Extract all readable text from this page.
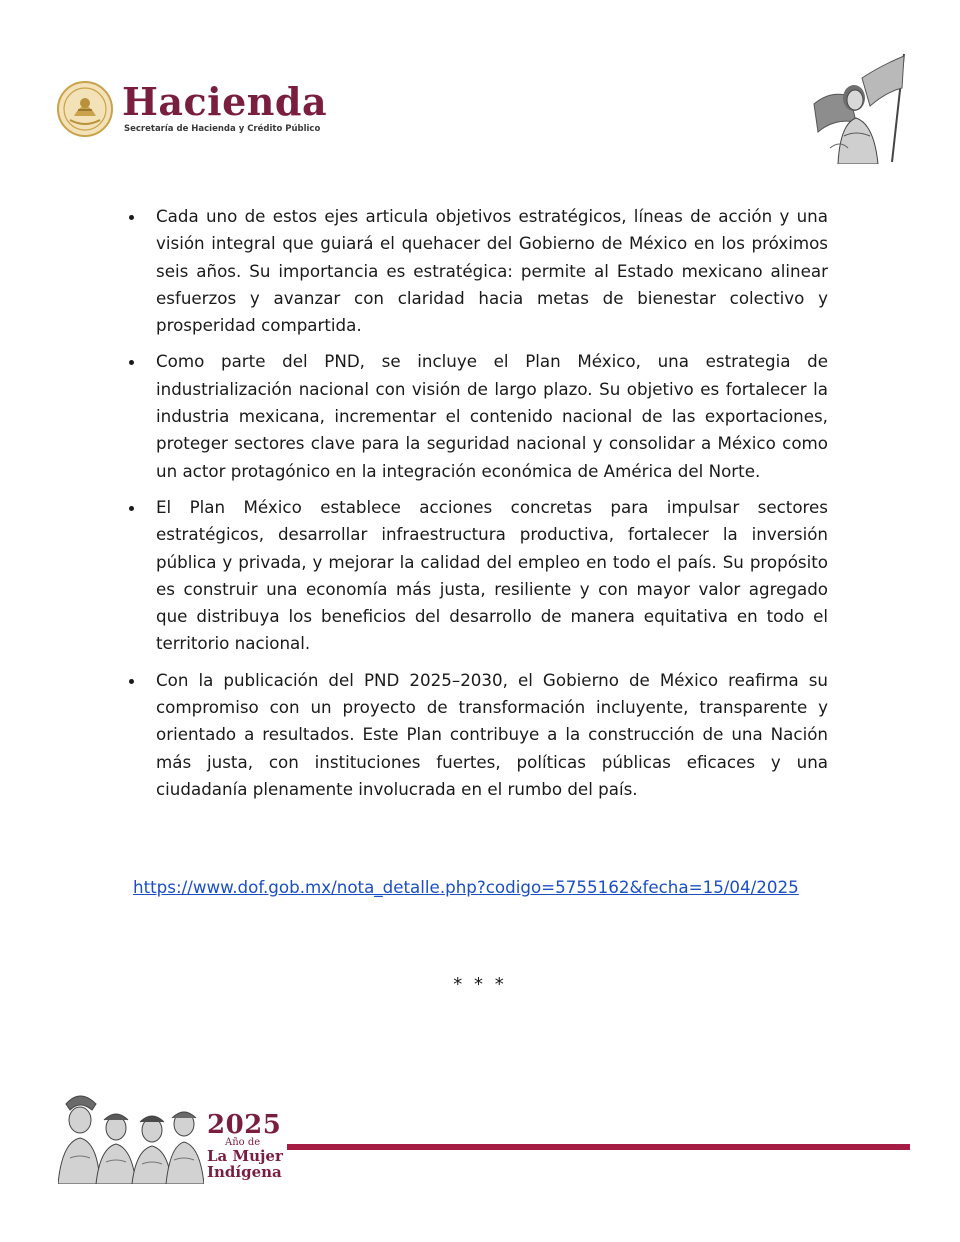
Hacienda
Secretaría de Hacienda y Crédito Público
Cada uno de estos ejes articula objetivos estratégicos, líneas de acción y una visión integral que guiará el quehacer del Gobierno de México en los próximos seis años. Su importancia es estratégica: permite al Estado mexicano alinear esfuerzos y avanzar con claridad hacia metas de bienestar colectivo y prosperidad compartida.
Como parte del PND, se incluye el Plan México, una estrategia de industrialización nacional con visión de largo plazo. Su objetivo es fortalecer la industria mexicana, incrementar el contenido nacional de las exportaciones, proteger sectores clave para la seguridad nacional y consolidar a México como un actor protagónico en la integración económica de América del Norte.
El Plan México establece acciones concretas para impulsar sectores estratégicos, desarrollar infraestructura productiva, fortalecer la inversión pública y privada, y mejorar la calidad del empleo en todo el país. Su propósito es construir una economía más justa, resiliente y con mayor valor agregado que distribuya los beneficios del desarrollo de manera equitativa en todo el territorio nacional.
Con la publicación del PND 2025–2030, el Gobierno de México reafirma su compromiso con un proyecto de transformación incluyente, transparente y orientado a resultados. Este Plan contribuye a la construcción de una Nación más justa, con instituciones fuertes, políticas públicas eficaces y una ciudadanía plenamente involucrada en el rumbo del país.
https://www.dof.gob.mx/nota_detalle.php?codigo=5755162&fecha=15/04/2025
* * *
2025
Año de
La Mujer
Indígena
